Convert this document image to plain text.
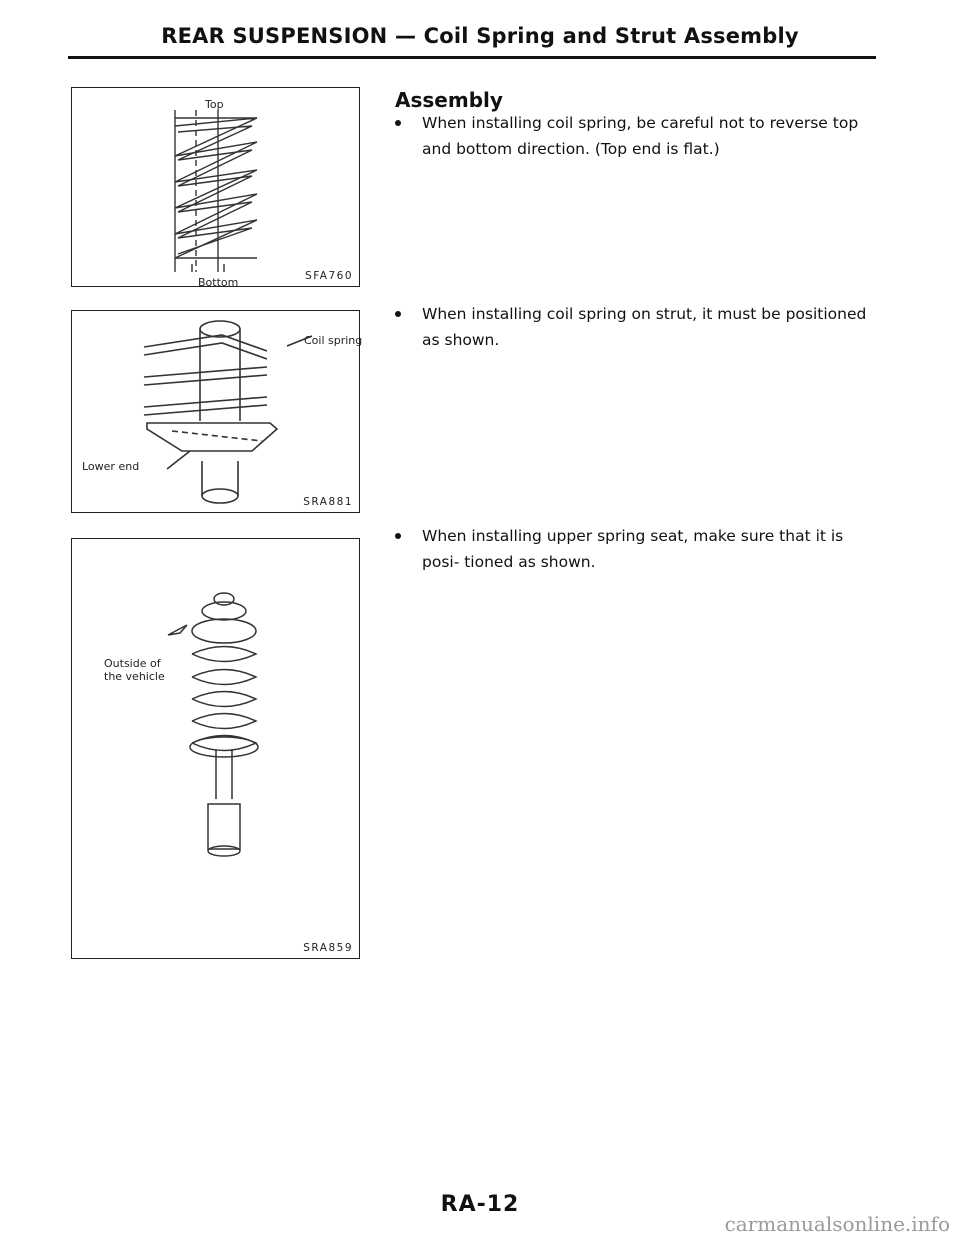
REAR SUSPENSION — Coil Spring and Strut Assembly
Top
Bottom	SFA760
Coil spring
Lower end
SRA881
Outside of
the vehicle
SRA859
Assembly
When installing coil spring, be careful not to reverse top and bottom direction. (Top end is flat.)
When installing coil spring on strut, it must be positioned as shown.
When installing upper spring seat, make sure that it is posi- tioned as shown.
RA-12
carmanualsonline.info
